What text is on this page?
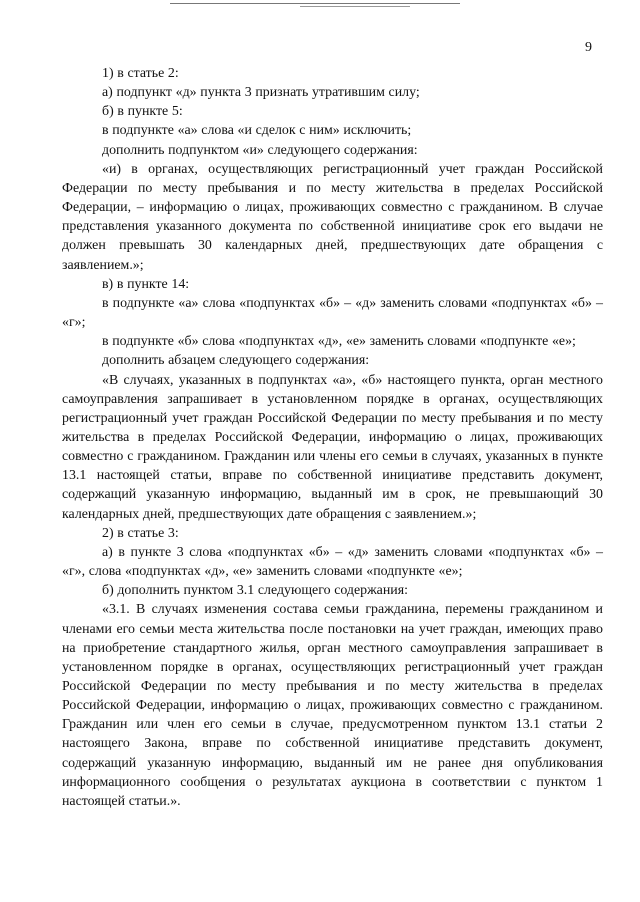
9

1) в статье 2:

а) подпункт «д» пункта 3 признать утратившим силу;

б) в пункте 5:

в подпункте «а» слова «и сделок с ним» исключить;

дополнить подпунктом «и» следующего содержания:

«и) в органах, осуществляющих регистрационный учет граждан Российской Федерации по месту пребывания и по месту жительства в пределах Российской Федерации, – информацию о лицах, проживающих совместно с гражданином. В случае представления указанного документа по собственной инициативе срок его выдачи не должен превышать 30 календарных дней, предшествующих дате обращения с заявлением.»;

в) в пункте 14:

в подпункте «а» слова «подпунктах «б» – «д» заменить словами «подпунктах «б» – «г»;

в подпункте «б» слова «подпунктах «д», «е» заменить словами «подпункте «е»;

дополнить абзацем следующего содержания:

«В случаях, указанных в подпунктах «а», «б» настоящего пункта, орган местного самоуправления запрашивает в установленном порядке в органах, осуществляющих регистрационный учет граждан Российской Федерации по месту пребывания и по месту жительства в пределах Российской Федерации, информацию о лицах, проживающих совместно с гражданином. Гражданин или члены его семьи в случаях, указанных в пункте 13.1 настоящей статьи, вправе по собственной инициативе представить документ, содержащий указанную информацию, выданный им в срок, не превышающий 30 календарных дней, предшествующих дате обращения с заявлением.»;

2) в статье 3:

а) в пункте 3 слова «подпунктах «б» – «д» заменить словами «подпунктах «б» – «г», слова «подпунктах «д», «е» заменить словами «подпункте «е»;

б) дополнить пунктом 3.1 следующего содержания:

«3.1. В случаях изменения состава семьи гражданина, перемены гражданином и членами его семьи места жительства после постановки на учет граждан, имеющих право на приобретение стандартного жилья, орган местного самоуправления запрашивает в установленном порядке в органах, осуществляющих регистрационный учет граждан Российской Федерации по месту пребывания и по месту жительства в пределах Российской Федерации, информацию о лицах, проживающих совместно с гражданином. Гражданин или член его семьи в случае, предусмотренном пунктом 13.1 статьи 2 настоящего Закона, вправе по собственной инициативе представить документ, содержащий указанную информацию, выданный им не ранее дня опубликования информационного сообщения о результатах аукциона в соответствии с пунктом 1 настоящей статьи.».
